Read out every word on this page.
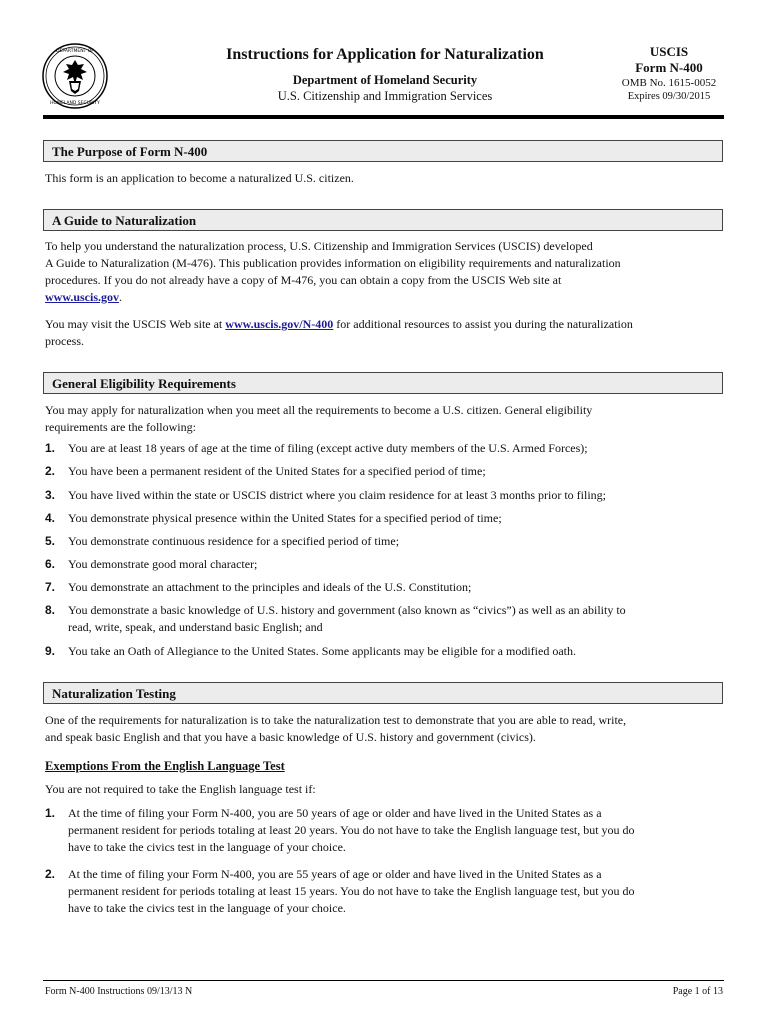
DEPARTMENT OF
HOMELAND SECURITY
Instructions for Application for Naturalization
Department of Homeland Security
U.S. Citizenship and Immigration Services
USCIS
Form N-400
OMB No. 1615-0052
Expires 09/30/2015
The Purpose of Form N-400

This form is an application to become a naturalized U.S. citizen.

A Guide to Naturalization

To help you understand the naturalization process, U.S. Citizenship and Immigration Services (USCIS) developed

A Guide to Naturalization (M-476). This publication provides information on eligibility requirements and naturalization

procedures. If you do not already have a copy of M-476, you can obtain a copy from the USCIS Web site at

www.uscis.gov.

You may visit the USCIS Web site at www.uscis.gov/N-400 for additional resources to assist you during the naturalization

process.

General Eligibility Requirements

You may apply for naturalization when you meet all the requirements to become a U.S. citizen. General eligibility

requirements are the following:

1. You are at least 18 years of age at the time of filing (except active duty members of the U.S. Armed Forces);
2. You have been a permanent resident of the United States for a specified period of time;
3. You have lived within the state or USCIS district where you claim residence for at least 3 months prior to filing;
4. You demonstrate physical presence within the United States for a specified period of time;
5. You demonstrate continuous residence for a specified period of time;
6. You demonstrate good moral character;
7. You demonstrate an attachment to the principles and ideals of the U.S. Constitution;
8. You demonstrate a basic knowledge of U.S. history and government (also known as “civics”) as well as an ability to
read, write, speak, and understand basic English; and
9. You take an Oath of Allegiance to the United States. Some applicants may be eligible for a modified oath.
Naturalization Testing

One of the requirements for naturalization is to take the naturalization test to demonstrate that you are able to read, write,

and speak basic English and that you have a basic knowledge of U.S. history and government (civics).

Exemptions From the English Language Test

You are not required to take the English language test if:

1. At the time of filing your Form N-400, you are 50 years of age or older and have lived in the United States as a
permanent resident for periods totaling at least 20 years. You do not have to take the English language test, but you do
have to take the civics test in the language of your choice.
2. At the time of filing your Form N-400, you are 55 years of age or older and have lived in the United States as a
permanent resident for periods totaling at least 15 years. You do not have to take the English language test, but you do
have to take the civics test in the language of your choice.
Form N-400 Instructions 09/13/13 N	Page 1 of 13
